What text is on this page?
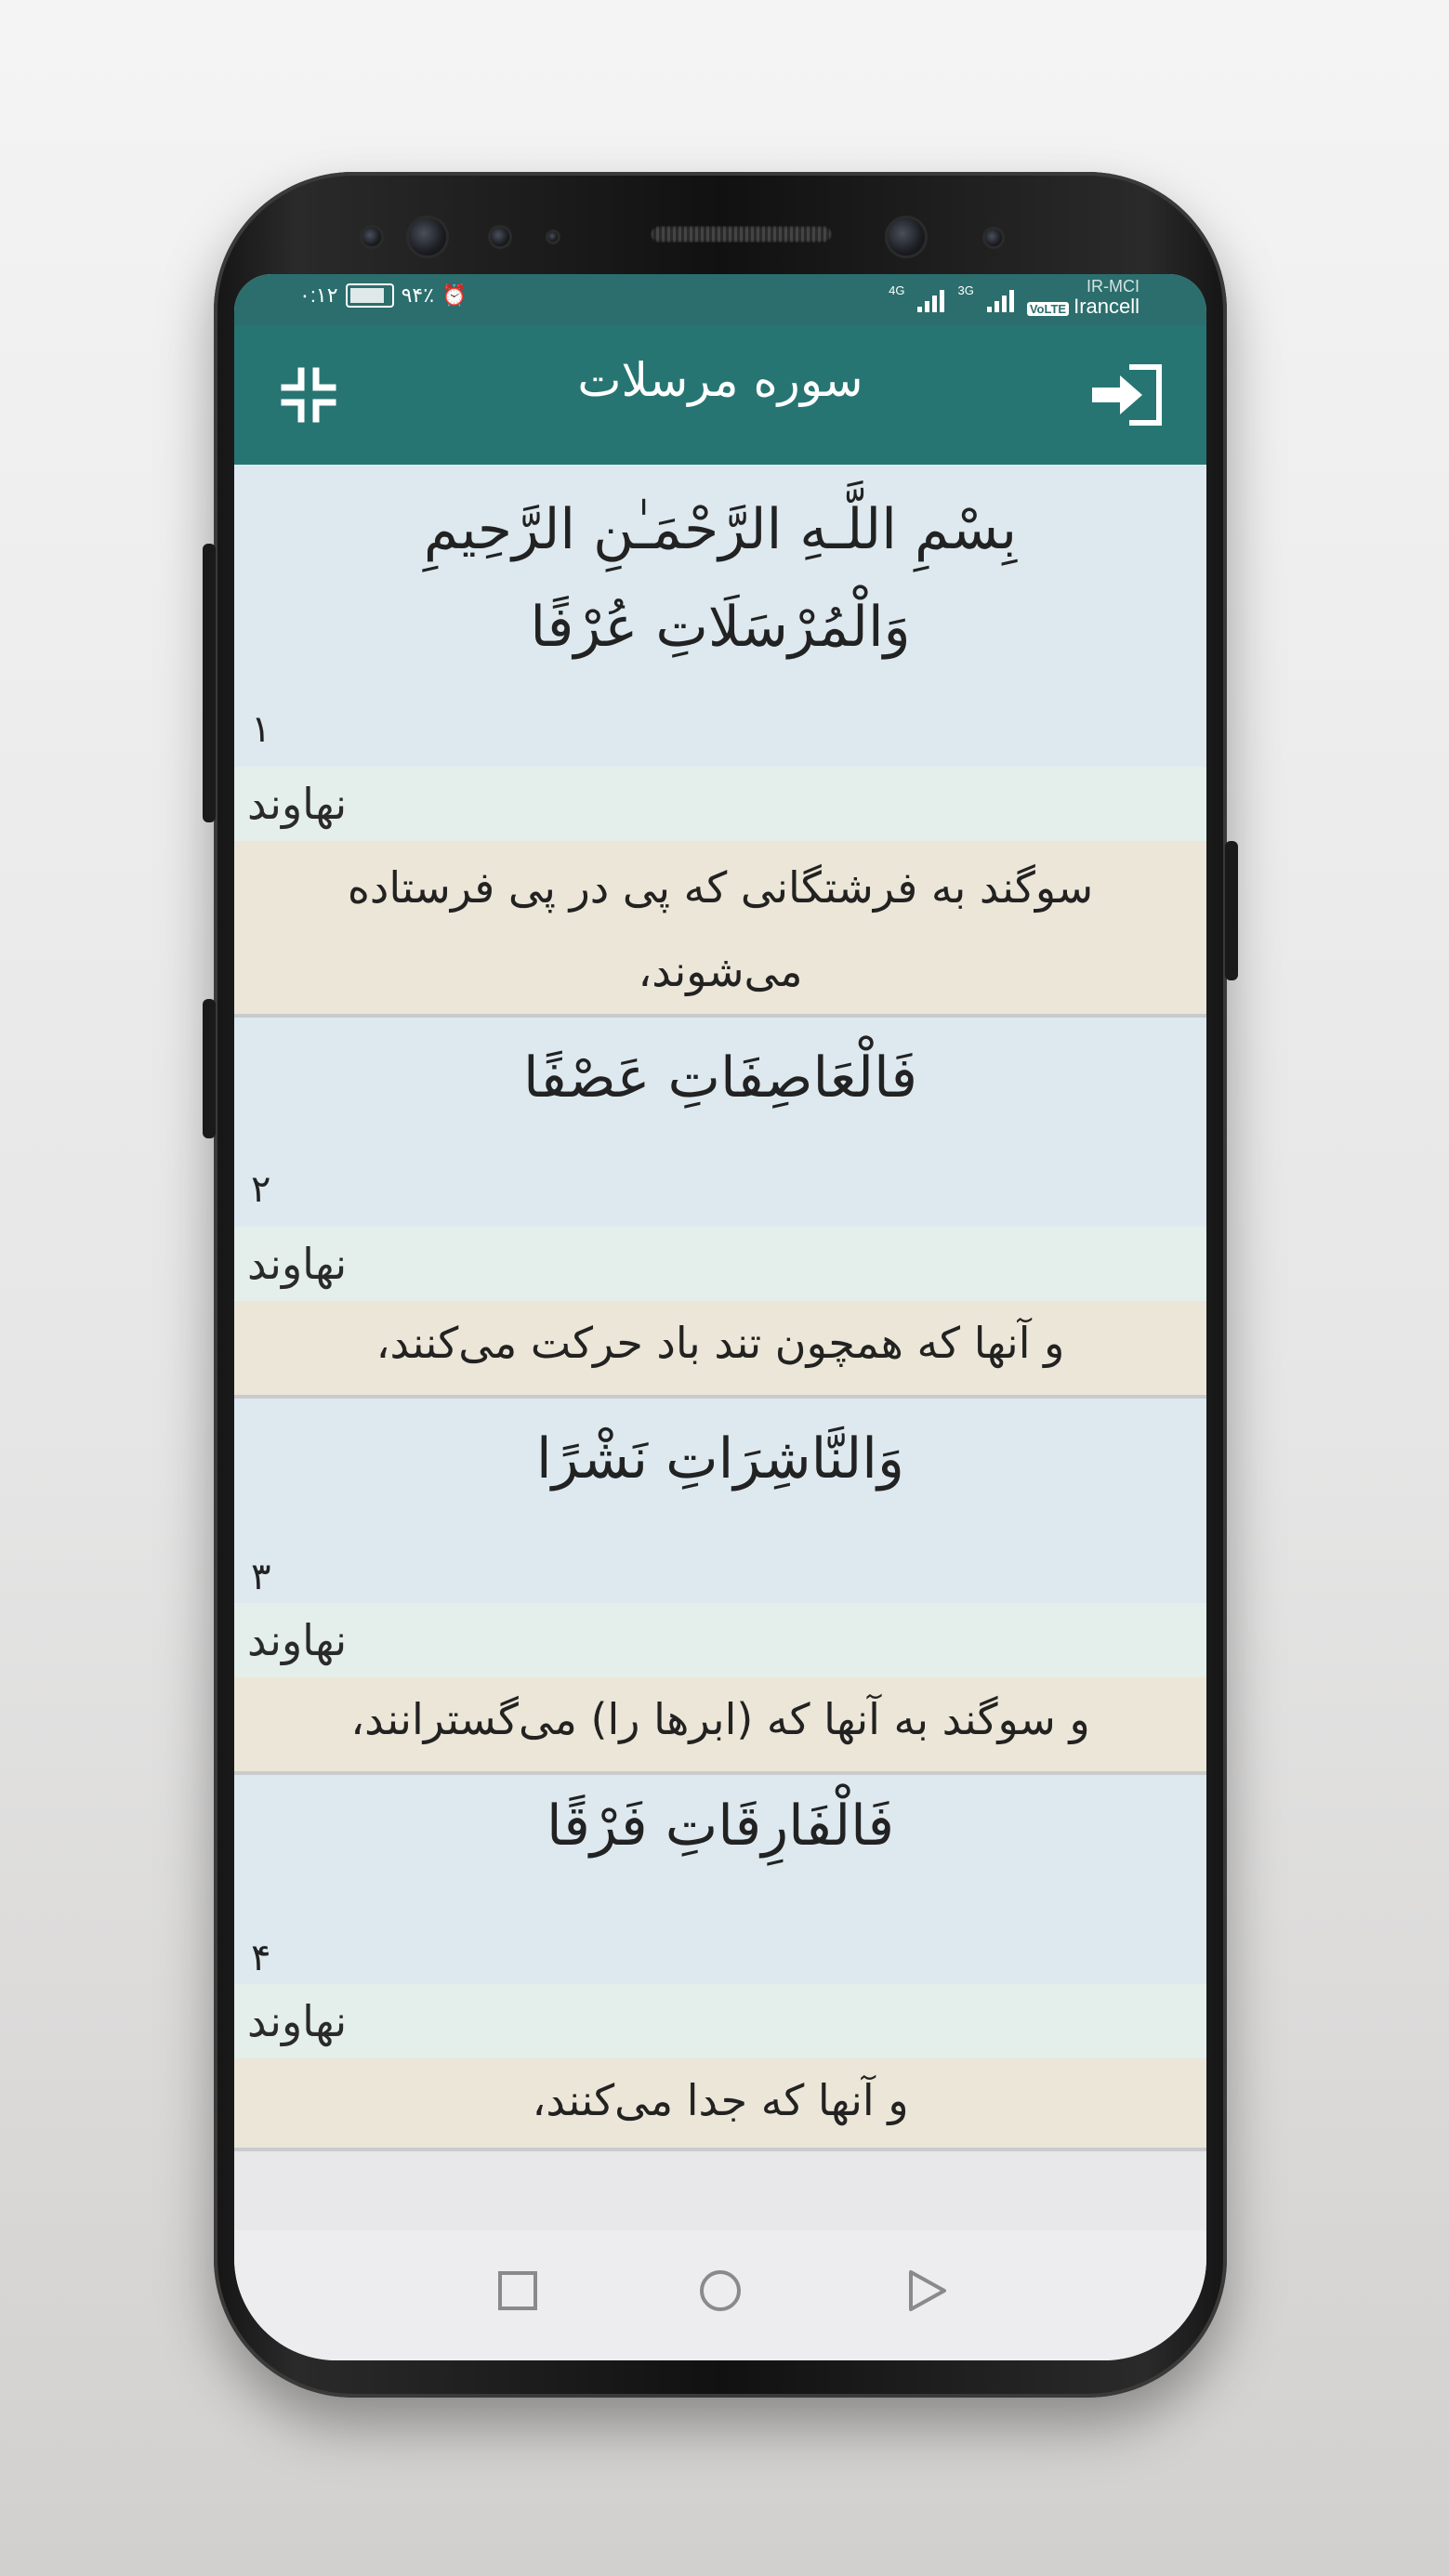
۰:۱۲	۹۴٪ ⏰	4G	3G	IR-MCI
VoLTE Irancell
سوره مرسلات
بِسْمِ اللَّـهِ الرَّحْمَـٰنِ الرَّحِيمِ
وَالْمُرْسَلَاتِ عُرْفًا
۱
نهاوند
سوگند به فرشتگانی که پی در پی فرستاده می‌شوند،
فَالْعَاصِفَاتِ عَصْفًا
۲
نهاوند
و آنها که همچون تند باد حرکت می‌کنند،
وَالنَّاشِرَاتِ نَشْرًا
۳
نهاوند
و سوگند به آنها که (ابرها را) می‌گسترانند،
فَالْفَارِقَاتِ فَرْقًا
۴
نهاوند
و آنها که جدا می‌کنند،
